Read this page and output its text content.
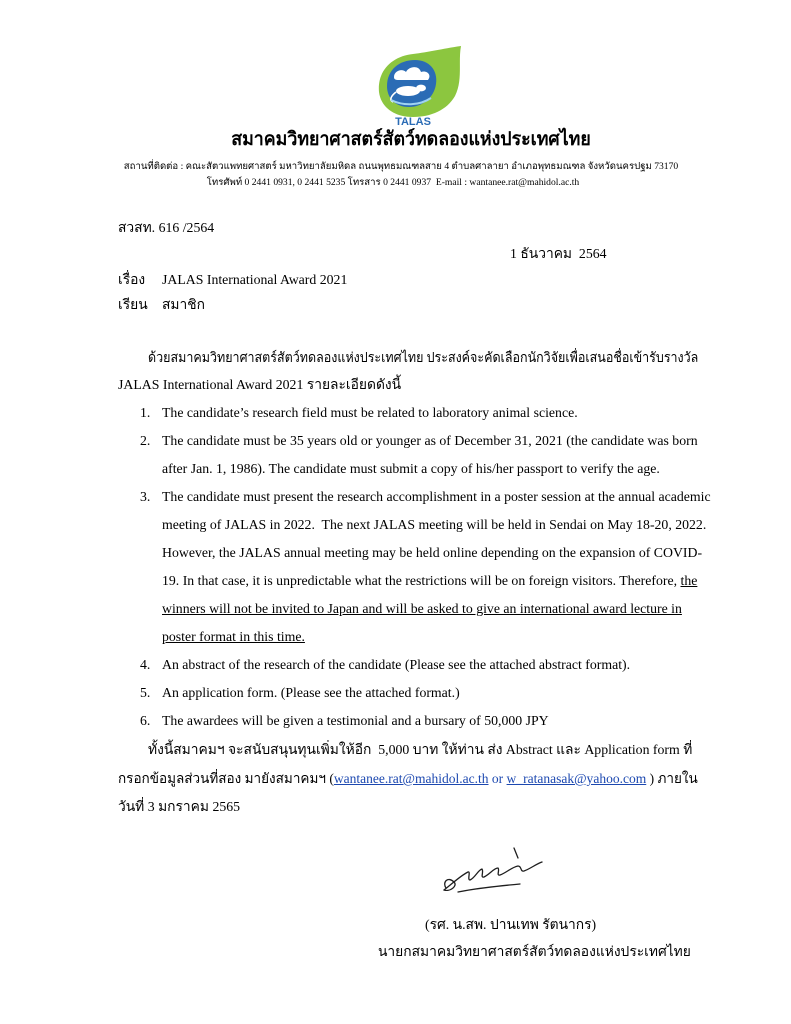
TALAS
สมาคมวิทยาศาสตร์สัตว์ทดลองแห่งประเทศไทย
สถานที่ติดต่อ : คณะสัตวแพทยศาสตร์ มหาวิทยาลัยมหิดล ถนนพุทธมณฑลสาย 4 ตำบลศาลายา อำเภอพุทธมณฑล จังหวัดนครปฐม 73170
โทรศัพท์ 0 2441 0931, 0 2441 5235 โทรสาร 0 2441 0937  E-mail : wantanee.rat@mahidol.ac.th
สวสท. 616 /2564
1 ธันวาคม  2564
เรื่อง JALAS International Award 2021
เรียน สมาชิก
ด้วยสมาคมวิทยาศาสตร์สัตว์ทดลองแห่งประเทศไทย ประสงค์จะคัดเลือกนักวิจัยเพื่อเสนอชื่อเข้ารับรางวัล
JALAS International Award 2021 รายละเอียดดังนี้
1. The candidate’s research field must be related to laboratory animal science.
2. The candidate must be 35 years old or younger as of December 31, 2021 (the candidate was born
after Jan. 1, 1986). The candidate must submit a copy of his/her passport to verify the age.
3. The candidate must present the research accomplishment in a poster session at the annual academic
meeting of JALAS in 2022.  The next JALAS meeting will be held in Sendai on May 18-20, 2022.
However, the JALAS annual meeting may be held online depending on the expansion of COVID-
19. In that case, it is unpredictable what the restrictions will be on foreign visitors. Therefore, the
winners will not be invited to Japan and will be asked to give an international award lecture in
poster format in this time.
4. An abstract of the research of the candidate (Please see the attached abstract format).
5. An application form. (Please see the attached format.)
6. The awardees will be given a testimonial and a bursary of 50,000 JPY
ทั้งนี้สมาคมฯ จะสนับสนุนทุนเพิ่มให้อีก  5,000 บาท ให้ท่าน ส่ง Abstract และ Application form ที่
กรอกข้อมูลส่วนที่สอง มายังสมาคมฯ (wantanee.rat@mahidol.ac.th or w_ratanasak@yahoo.com ) ภายใน
วันที่ 3 มกราคม 2565
(รศ. น.สพ. ปานเทพ รัตนากร)
นายกสมาคมวิทยาศาสตร์สัตว์ทดลองแห่งประเทศไทย
